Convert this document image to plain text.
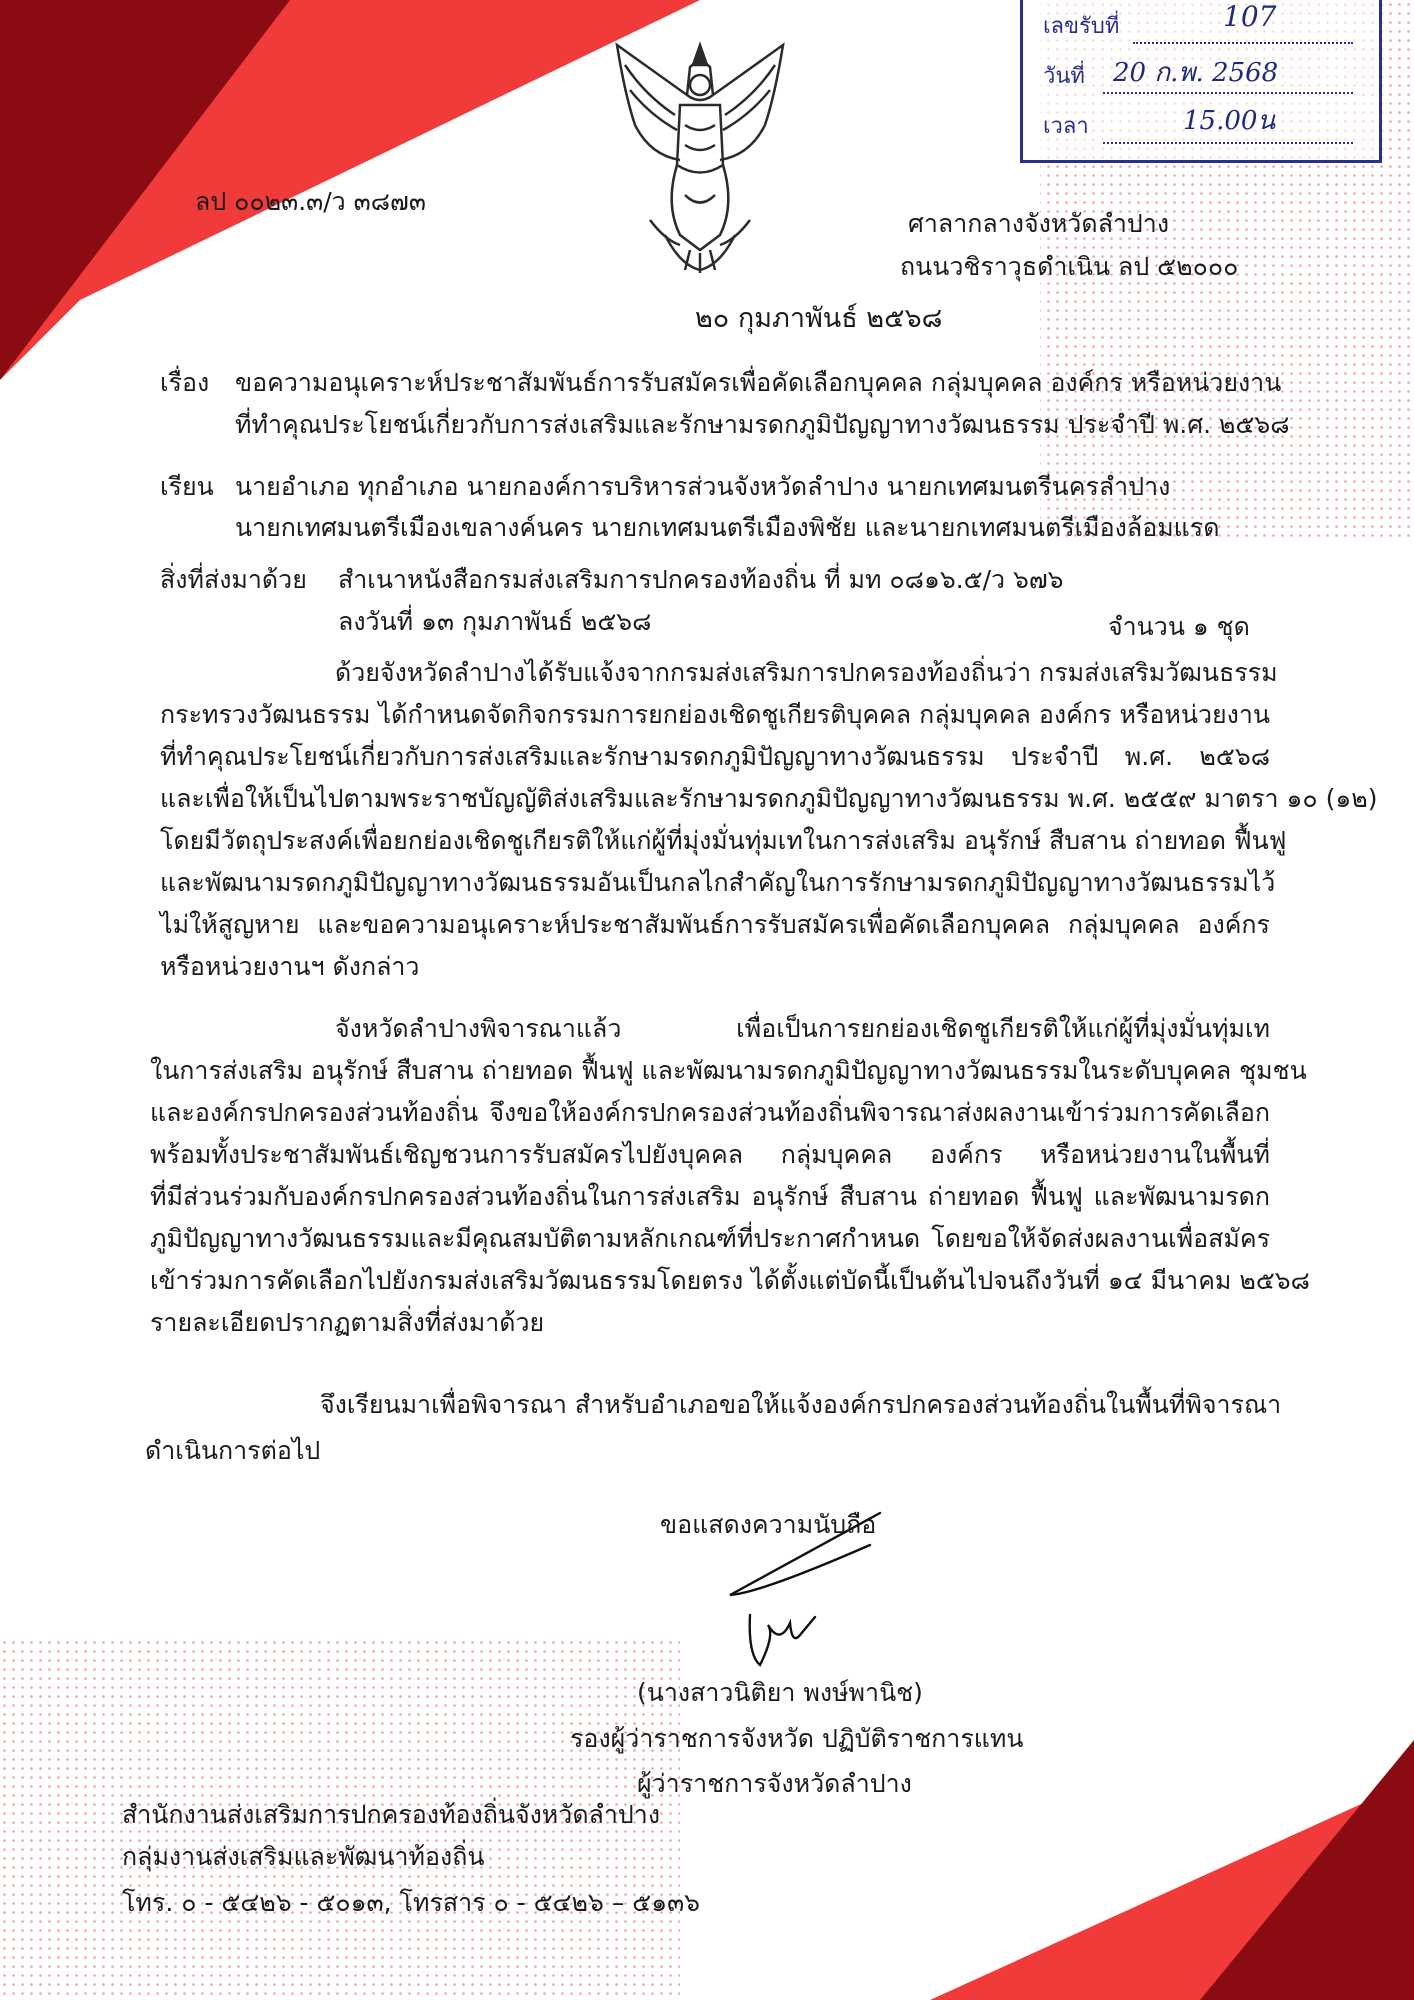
เลขรับที่	107
วันที่ 20 ก.พ. 2568
เวลา	15.00น
ลป ๐๐๒๓.๓/ว ๓๘๗๓
ศาลากลางจังหวัดลำปาง
ถนนวชิราวุธดำเนิน ลป ๕๒๐๐๐
๒๐ กุมภาพันธ์ ๒๕๖๘
เรื่อง ขอความอนุเคราะห์ประชาสัมพันธ์การรับสมัครเพื่อคัดเลือกบุคคล กลุ่มบุคคล องค์กร หรือหน่วยงาน
ที่ทำคุณประโยชน์เกี่ยวกับการส่งเสริมและรักษามรดกภูมิปัญญาทางวัฒนธรรม ประจำปี พ.ศ. ๒๕๖๘
เรียน นายอำเภอ ทุกอำเภอ นายกองค์การบริหารส่วนจังหวัดลำปาง นายกเทศมนตรีนครลำปาง
นายกเทศมนตรีเมืองเขลางค์นคร นายกเทศมนตรีเมืองพิชัย และนายกเทศมนตรีเมืองล้อมแรด
สิ่งที่ส่งมาด้วย สำเนาหนังสือกรมส่งเสริมการปกครองท้องถิ่น ที่ มท ๐๘๑๖.๕/ว ๖๗๖
ลงวันที่ ๑๓ กุมภาพันธ์ ๒๕๖๘	จำนวน ๑ ชุด
ด้วยจังหวัดลำปางได้รับแจ้งจากกรมส่งเสริมการปกครองท้องถิ่นว่า กรมส่งเสริมวัฒนธรรม
กระทรวงวัฒนธรรม ได้กำหนดจัดกิจกรรมการยกย่องเชิดชูเกียรติบุคคล กลุ่มบุคคล องค์กร หรือหน่วยงาน
ที่ทำคุณประโยชน์เกี่ยวกับการส่งเสริมและรักษามรดกภูมิปัญญาทางวัฒนธรรม ประจำปี พ.ศ. ๒๕๖๘
และเพื่อให้เป็นไปตามพระราชบัญญัติส่งเสริมและรักษามรดกภูมิปัญญาทางวัฒนธรรม พ.ศ. ๒๕๕๙ มาตรา ๑๐ (๑๒)
โดยมีวัตถุประสงค์เพื่อยกย่องเชิดชูเกียรติให้แก่ผู้ที่มุ่งมั่นทุ่มเทในการส่งเสริม อนุรักษ์ สืบสาน ถ่ายทอด ฟื้นฟู
และพัฒนามรดกภูมิปัญญาทางวัฒนธรรมอันเป็นกลไกสำคัญในการรักษามรดกภูมิปัญญาทางวัฒนธรรมไว้
ไม่ให้สูญหาย และขอความอนุเคราะห์ประชาสัมพันธ์การรับสมัครเพื่อคัดเลือกบุคคล กลุ่มบุคคล องค์กร
หรือหน่วยงานฯ ดังกล่าว
จังหวัดลำปางพิจารณาแล้ว เพื่อเป็นการยกย่องเชิดชูเกียรติให้แก่ผู้ที่มุ่งมั่นทุ่มเท
ในการส่งเสริม อนุรักษ์ สืบสาน ถ่ายทอด ฟื้นฟู และพัฒนามรดกภูมิปัญญาทางวัฒนธรรมในระดับบุคคล ชุมชน
และองค์กรปกครองส่วนท้องถิ่น จึงขอให้องค์กรปกครองส่วนท้องถิ่นพิจารณาส่งผลงานเข้าร่วมการคัดเลือก
พร้อมทั้งประชาสัมพันธ์เชิญชวนการรับสมัครไปยังบุคคล กลุ่มบุคคล องค์กร หรือหน่วยงานในพื้นที่
ที่มีส่วนร่วมกับองค์กรปกครองส่วนท้องถิ่นในการส่งเสริม อนุรักษ์ สืบสาน ถ่ายทอด ฟื้นฟู และพัฒนามรดก
ภูมิปัญญาทางวัฒนธรรมและมีคุณสมบัติตามหลักเกณฑ์ที่ประกาศกำหนด โดยขอให้จัดส่งผลงานเพื่อสมัคร
เข้าร่วมการคัดเลือกไปยังกรมส่งเสริมวัฒนธรรมโดยตรง ได้ตั้งแต่บัดนี้เป็นต้นไปจนถึงวันที่ ๑๔ มีนาคม ๒๕๖๘
รายละเอียดปรากฏตามสิ่งที่ส่งมาด้วย
จึงเรียนมาเพื่อพิจารณา สำหรับอำเภอขอให้แจ้งองค์กรปกครองส่วนท้องถิ่นในพื้นที่พิจารณา
ดำเนินการต่อไป
ขอแสดงความนับถือ
(นางสาวนิติยา พงษ์พานิช)
รองผู้ว่าราชการจังหวัด ปฏิบัติราชการแทน
ผู้ว่าราชการจังหวัดลำปาง
สำนักงานส่งเสริมการปกครองท้องถิ่นจังหวัดลำปาง
กลุ่มงานส่งเสริมและพัฒนาท้องถิ่น
โทร. ๐ - ๕๔๒๖ - ๕๐๑๓, โทรสาร ๐ - ๕๔๒๖ – ๕๑๓๖
